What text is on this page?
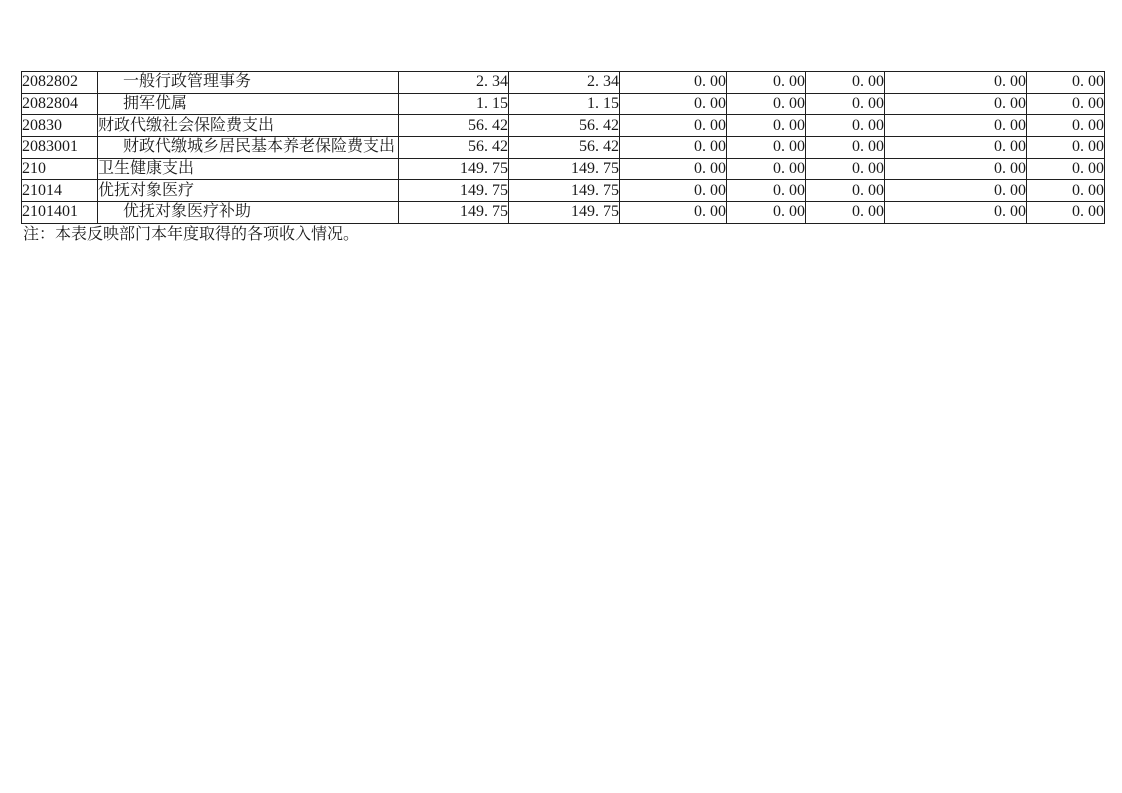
2082802	一般行政管理事务	2. 34	2. 34	0. 00	0. 00	0. 00	0. 00	0. 00
2082804	拥军优属	1. 15	1. 15	0. 00	0. 00	0. 00	0. 00	0. 00
20830	财政代缴社会保险费支出	56. 42	56. 42	0. 00	0. 00	0. 00	0. 00	0. 00
2083001	财政代缴城乡居民基本养老保险费支出	56. 42	56. 42	0. 00	0. 00	0. 00	0. 00	0. 00
210	卫生健康支出	149. 75	149. 75	0. 00	0. 00	0. 00	0. 00	0. 00
21014	优抚对象医疗	149. 75	149. 75	0. 00	0. 00	0. 00	0. 00	0. 00
2101401	优抚对象医疗补助	149. 75	149. 75	0. 00	0. 00	0. 00	0. 00	0. 00
注：本表反映部门本年度取得的各项收入情况。
